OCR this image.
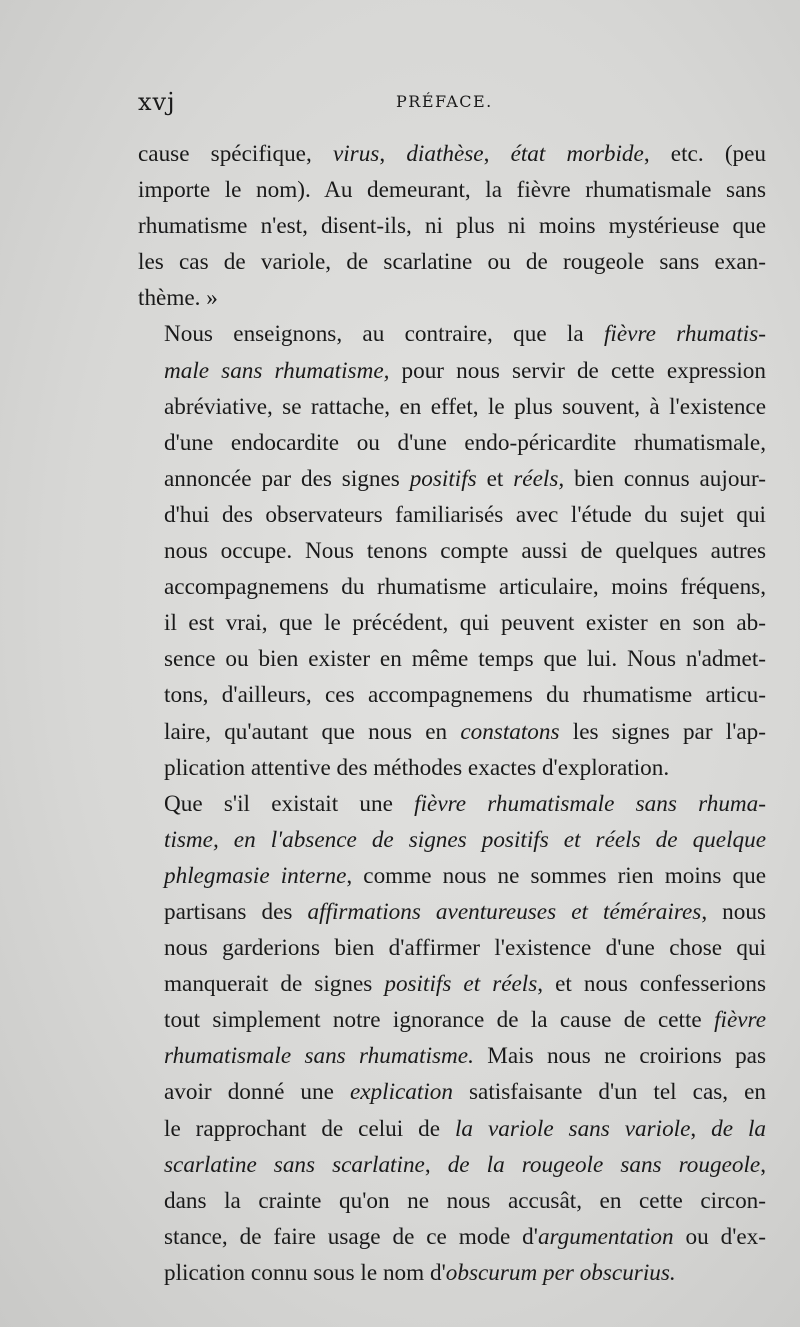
xvj	PRÉFACE.
cause spécifique, virus, diathèse, état morbide, etc. (peu
importe le nom). Au demeurant, la fièvre rhumatismale sans
rhumatisme n'est, disent-ils, ni plus ni moins mystérieuse que
les cas de variole, de scarlatine ou de rougeole sans exan-
thème. »
Nous enseignons, au contraire, que la fièvre rhumatis-
male sans rhumatisme, pour nous servir de cette expression
abréviative, se rattache, en effet, le plus souvent, à l'existence
d'une endocardite ou d'une endo-péricardite rhumatismale,
annoncée par des signes positifs et réels, bien connus aujour-
d'hui des observateurs familiarisés avec l'étude du sujet qui
nous occupe. Nous tenons compte aussi de quelques autres
accompagnemens du rhumatisme articulaire, moins fréquens,
il est vrai, que le précédent, qui peuvent exister en son ab-
sence ou bien exister en même temps que lui. Nous n'admet-
tons, d'ailleurs, ces accompagnemens du rhumatisme articu-
laire, qu'autant que nous en constatons les signes par l'ap-
plication attentive des méthodes exactes d'exploration.
Que s'il existait une fièvre rhumatismale sans rhuma-
tisme, en l'absence de signes positifs et réels de quelque
phlegmasie interne, comme nous ne sommes rien moins que
partisans des affirmations aventureuses et téméraires, nous
nous garderions bien d'affirmer l'existence d'une chose qui
manquerait de signes positifs et réels, et nous confesserions
tout simplement notre ignorance de la cause de cette fièvre
rhumatismale sans rhumatisme. Mais nous ne croirions pas
avoir donné une explication satisfaisante d'un tel cas, en
le rapprochant de celui de la variole sans variole, de la
scarlatine sans scarlatine, de la rougeole sans rougeole,
dans la crainte qu'on ne nous accusât, en cette circon-
stance, de faire usage de ce mode d'argumentation ou d'ex-
plication connu sous le nom d'obscurum per obscurius.
